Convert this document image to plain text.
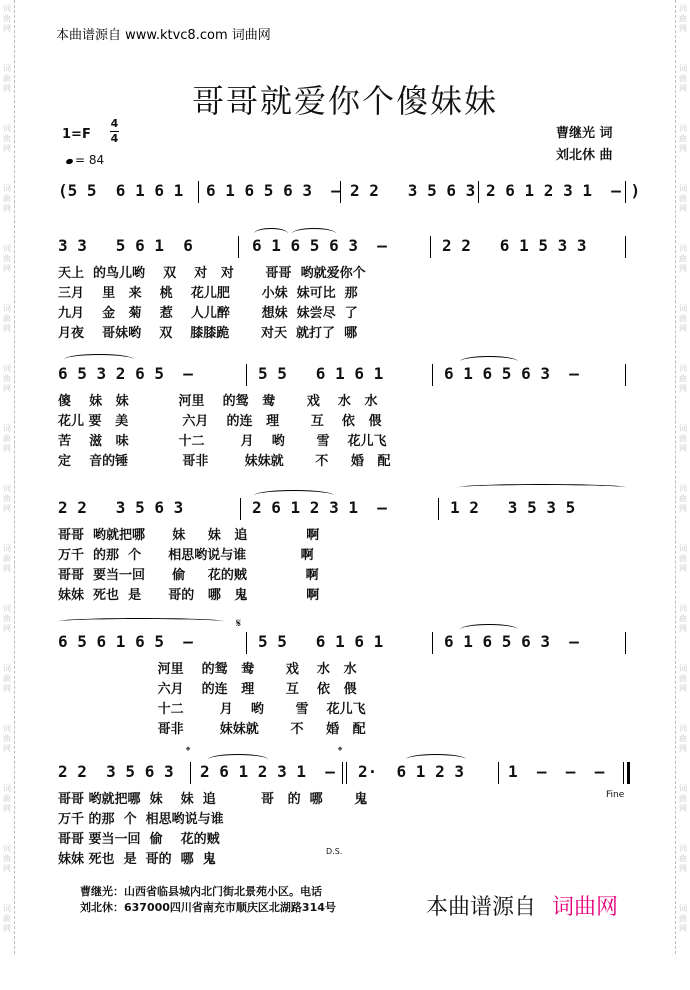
词
曲
网
词
曲
网
词
曲
网
词
曲
网
词
曲
网
词
曲
网
词
曲
网
词
曲
网
词
曲
网
词
曲
网
词
曲
网
词
曲
网
词
曲
网
词
曲
网
词
曲
网
词
曲
网
词
曲
网
词
曲
网
词
曲
网
词
曲
网
词
曲
网
词
曲
网
词
曲
网
词
曲
网
词
曲
网
词
曲
网
词
曲
网
词
曲
网
词
曲
网
词
曲
网
词
曲
网
词
曲
网
本曲谱源自 www.ktvc8.com 词曲网
哥哥就爱你个傻妹妹
1=F
4
4
= 84
曹继光 词
刘北休 曲

(5 5  6 1 6 1

6 1 6 5 6 3  –

2 2   3 5 6 3

2 6 1 2 3 1  – )

3 3   5 6 1  6

	6 1 6 5 6 3  –

	2 2   6 1 5 3 3

天上  的鸟儿哟    双    对   对       哥哥  哟就爱你个
三月    里   来    桃    花儿肥       小妹  妹可比  那
九月    金   菊    惹    人儿醉       想妹  妹尝尽  了
月夜    哥妹哟    双    膝膝跪       对天  就打了  哪

6 5 3 2 6 5  –

	5 5   6 1 6 1

	6 1 6 5 6 3  –

傻    妹   妹           河里    的鸳   鸯       戏    水   水
花儿 要   美            六月    的连   理       互    依   偎
苦    滋   味           十二        月    哟       雪    花儿飞
定    音的锤            哥非        妹妹就       不     婚   配

2 2   3 5 6 3

	2 6 1 2 3 1  –

	1 2   3 5 3 5

哥哥  哟就把哪      妹     妹   追             啊
万千  的那  个      相思哟说与谁            啊
哥哥  要当一回      偷     花的贼             啊
妹妹  死也  是      哥的   哪   鬼             啊
𝄋

6 5 6 1 6 5  –

	5 5   6 1 6 1

	6 1 6 5 6 3  –

河里    的鸳   鸯       戏    水   水
六月    的连   理       互    依   偎
十二        月    哟       雪    花儿飞
哥非        妹妹就       不     婚   配
𝄌	𝄌

2 2  3 5 6 3

2 6 1 2 3 1  –

2·  6 1 2 3

	1  –  –  –

哥哥 哟就把哪  妹    妹  追          哥   的  哪       鬼
万千 的那  个  相思哟说与谁
哥哥 要当一回  偷    花的贼
妹妹 死也  是  哥的  哪  鬼
Fine
D.S.
曹继光：山西省临县城内北门街北景苑小区。电话
刘北休：637000四川省南充市顺庆区北湖路314号	本曲谱源自 词曲网
